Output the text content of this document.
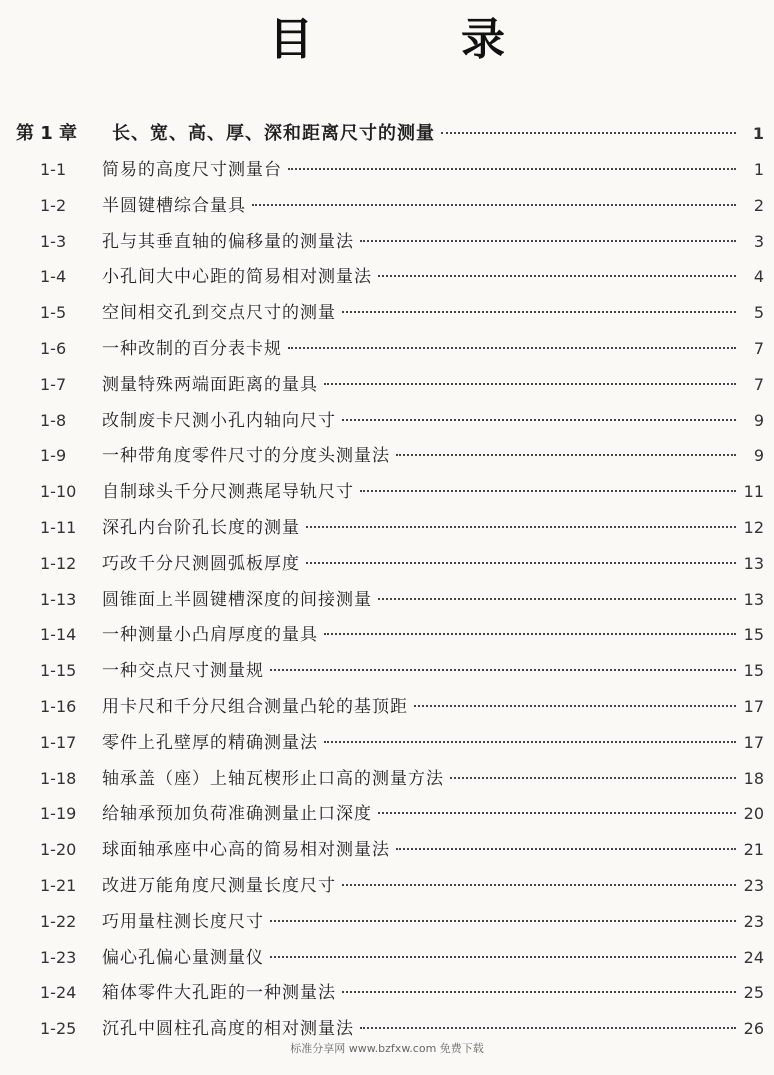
目　录
第 1 章	长、宽、高、厚、深和距离尺寸的测量	1
1-1	简易的高度尺寸测量台	1
1-2	半圆键槽综合量具	2
1-3	孔与其垂直轴的偏移量的测量法	3
1-4	小孔间大中心距的简易相对测量法	4
1-5	空间相交孔到交点尺寸的测量	5
1-6	一种改制的百分表卡规	7
1-7	测量特殊两端面距离的量具	7
1-8	改制废卡尺测小孔内轴向尺寸	9
1-9	一种带角度零件尺寸的分度头测量法	9
1-10	自制球头千分尺测燕尾导轨尺寸	11
1-11	深孔内台阶孔长度的测量	12
1-12	巧改千分尺测圆弧板厚度	13
1-13	圆锥面上半圆键槽深度的间接测量	13
1-14	一种测量小凸肩厚度的量具	15
1-15	一种交点尺寸测量规	15
1-16	用卡尺和千分尺组合测量凸轮的基顶距	17
1-17	零件上孔壁厚的精确测量法	17
1-18	轴承盖（座）上轴瓦楔形止口高的测量方法	18
1-19	给轴承预加负荷准确测量止口深度	20
1-20	球面轴承座中心高的简易相对测量法	21
1-21	改进万能角度尺测量长度尺寸	23
1-22	巧用量柱测长度尺寸	23
1-23	偏心孔偏心量测量仪	24
1-24	箱体零件大孔距的一种测量法	25
1-25	沉孔中圆柱孔高度的相对测量法	26
标准分享网 www.bzfxw.com 免费下载
